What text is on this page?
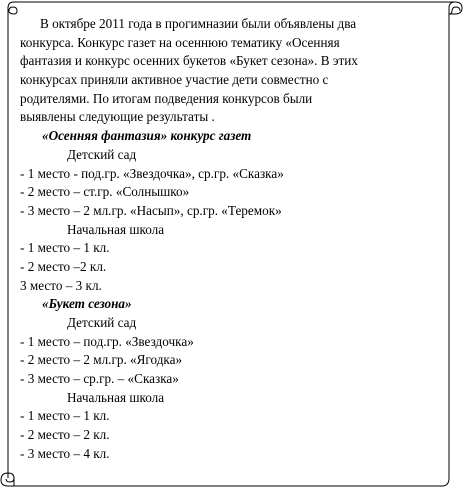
В октябре 2011 года в прогимназии были объявлены два
конкурса. Конкурс газет на осеннюю тематику «Осенняя
фантазия и конкурс осенних букетов «Букет сезона». В этих
конкурсах приняли активное участие дети совместно с
родителями. По итогам подведения конкурсов были
выявлены следующие результаты .
«Осенняя фантазия» конкурс газет
Детский сад
- 1 место - под.гр. «Звездочка», ср.гр. «Сказка»
- 2 место – ст.гр. «Солнышко»
- 3 место – 2 мл.гр. «Насып», ср.гр. «Теремок»
Начальная школа
- 1 место – 1 кл.
- 2 место –2 кл.
3 место – 3 кл.
«Букет сезона»
Детский сад
- 1 место – под.гр. «Звездочка»
- 2 место – 2 мл.гр. «Ягодка»
- 3 место – ср.гр. – «Сказка»
Начальная школа
- 1 место – 1 кл.
- 2 место – 2 кл.
- 3 место – 4 кл.
